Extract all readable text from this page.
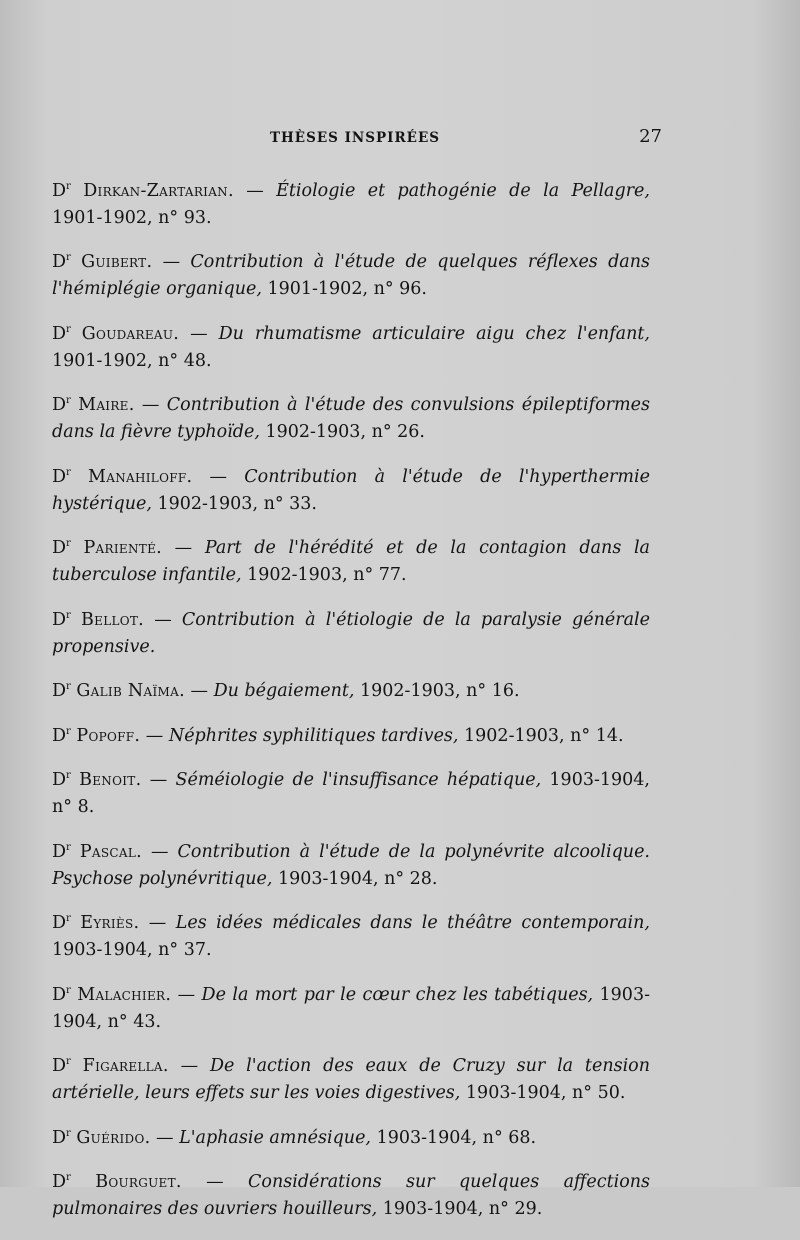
THÈSES INSPIRÉES	27

$D^r$ Dirkan-Zartarian. — Étiologie et pathogénie de la Pellagre, 1901-1902, n° 93.

$D^r$ Guibert. — Contribution à l'étude de quelques réflexes dans l'hémiplégie organique, 1901-1902, n° 96.

$D^r$ Goudareau. — Du rhumatisme articulaire aigu chez l'enfant, 1901-1902, n° 48.

$D^r$ Maire. — Contribution à l'étude des convulsions épileptiformes dans la fièvre typhoïde, 1902-1903, n° 26.

$D^r$ Manahiloff. — Contribution à l'étude de l'hyperthermie hystérique, 1902-1903, n° 33.

$D^r$ Parienté. — Part de l'hérédité et de la contagion dans la tuberculose infantile, 1902-1903, n° 77.

$D^r$ Bellot. — Contribution à l'étiologie de la paralysie générale propensive.

$D^r$ Galib Naïma. — Du bégaiement, 1902-1903, n° 16.

$D^r$ Popoff. — Néphrites syphilitiques tardives, 1902-1903, n° 14.

$D^r$ Benoit. — Séméiologie de l'insuffisance hépatique, 1903-1904, n° 8.

$D^r$ Pascal. — Contribution à l'étude de la polynévrite alcoolique. Psychose polynévritique, 1903-1904, n° 28.

$D^r$ Eyriès. — Les idées médicales dans le théâtre contemporain, 1903-1904, n° 37.

$D^r$ Malachier. — De la mort par le cœur chez les tabétiques, 1903-1904, n° 43.

$D^r$ Figarella. — De l'action des eaux de Cruzy sur la tension artérielle, leurs effets sur les voies digestives, 1903-1904, n° 50.

$D^r$ Guérido. — L'aphasie amnésique, 1903-1904, n° 68.

$D^r$ Bourguet. — Considérations sur quelques affections pulmonaires des ouvriers houilleurs, 1903-1904, n° 29.
